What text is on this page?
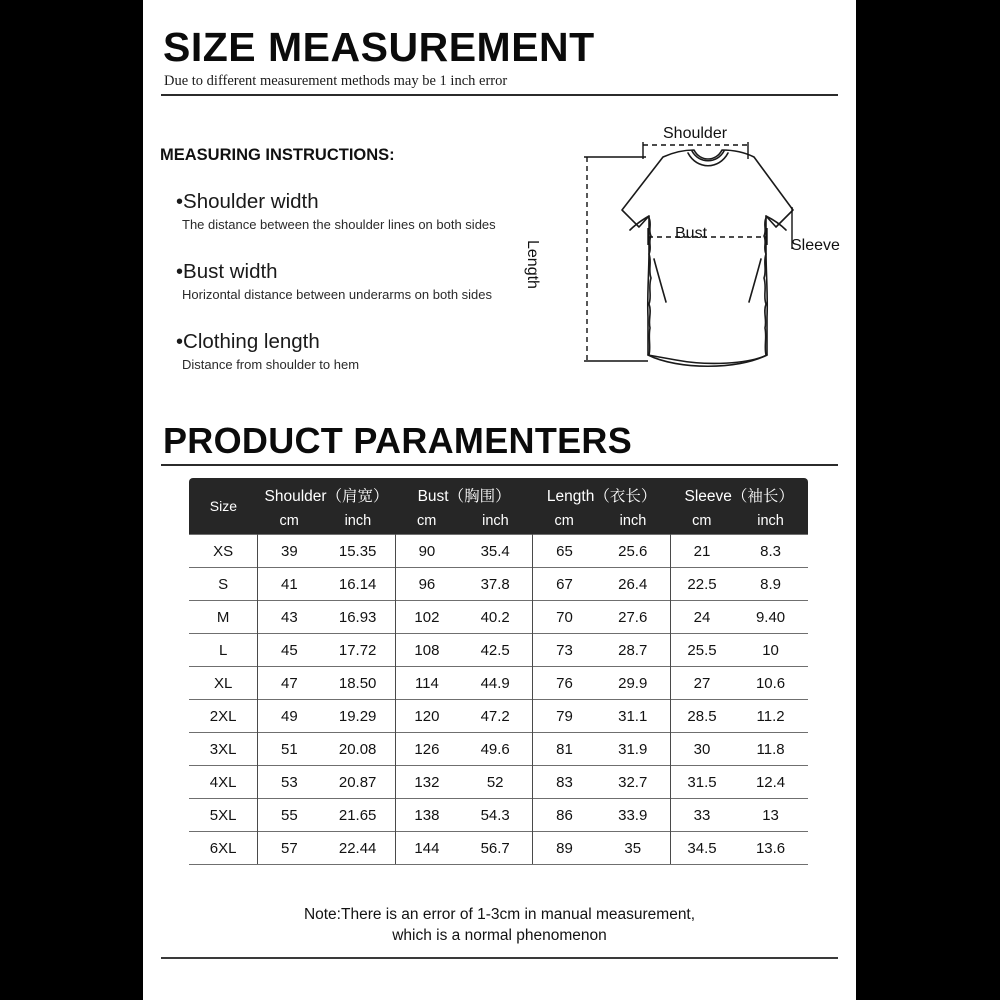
SIZE MEASUREMENT
Due to different measurement methods may be 1 inch error
MEASURING INSTRUCTIONS:
•Shoulder width
The distance between the shoulder lines on both sides
•Bust width
Horizontal distance between underarms on both sides
•Clothing length
Distance from shoulder to hem
Shoulder
Bust
Sleeve
Length
PRODUCT PARAMENTERS
Size	Shoulder（肩宽）		Bust（胸围）		Length（衣长）		Sleeve（袖长）	
	cm	inch	cm	inch	cm	inch	cm	inch
XS	39	15.35	90	35.4	65	25.6	21	8.3
S	41	16.14	96	37.8	67	26.4	22.5	8.9
M	43	16.93	102	40.2	70	27.6	24	9.40
L	45	17.72	108	42.5	73	28.7	25.5	10
XL	47	18.50	114	44.9	76	29.9	27	10.6
2XL	49	19.29	120	47.2	79	31.1	28.5	11.2
3XL	51	20.08	126	49.6	81	31.9	30	11.8
4XL	53	20.87	132	52	83	32.7	31.5	12.4
5XL	55	21.65	138	54.3	86	33.9	33	13
6XL	57	22.44	144	56.7	89	35	34.5	13.6
Note:There is an error of 1-3cm in manual measurement,
which is a normal phenomenon
